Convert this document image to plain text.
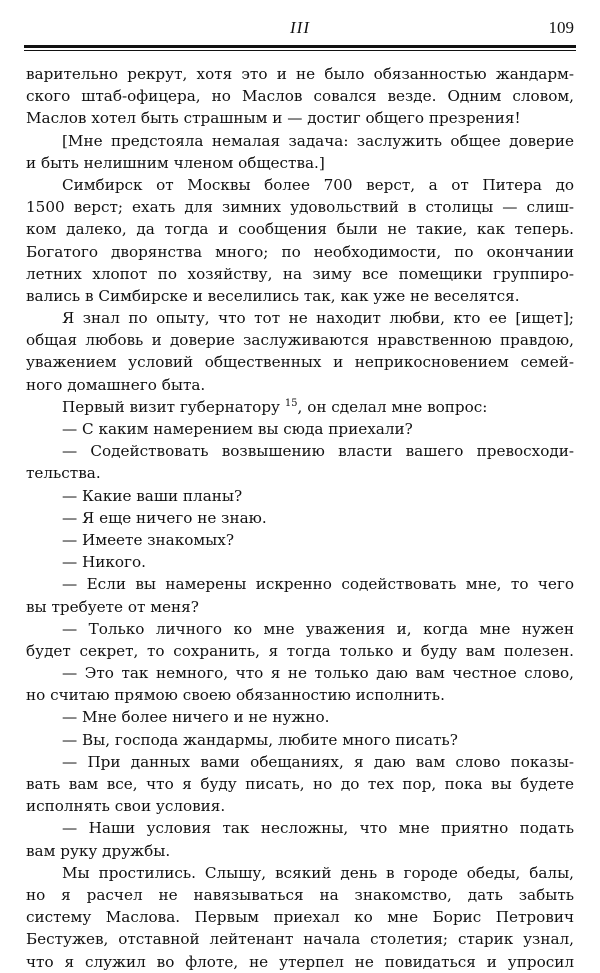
III	109
варительно рекрут, хотя это и не было обязанностью жандарм-
ского штаб-офицера, но Маслов совался везде. Одним словом,
Маслов хотел быть страшным и — достиг общего презрения!
[Мне предстояла немалая задача: заслужить общее доверие
и быть нелишним членом общества.]
Симбирск от Москвы более 700 верст, а от Питера до
1500 верст; ехать для зимних удовольствий в столицы — слиш-
ком далеко, да тогда и сообщения были не такие, как теперь.
Богатого дворянства много; по необходимости, по окончании
летних хлопот по хозяйству, на зиму все помещики группиро-
вались в Симбирске и веселились так, как уже не веселятся.
Я знал по опыту, что тот не находит любви, кто ее [ищет];
общая любовь и доверие заслуживаются нравственною правдою,
уважением условий общественных и неприкосновением семей-
ного домашнего быта.
Первый визит губернатору $^{15}$, он сделал мне вопрос:
— С каким намерением вы сюда приехали?
— Содействовать возвышению власти вашего превосходи-
тельства.
— Какие ваши планы?
— Я еще ничего не знаю.
— Имеете знакомых?
— Никого.
— Если вы намерены искренно содействовать мне, то чего
вы требуете от меня?
— Только личного ко мне уважения и, когда мне нужен
будет секрет, то сохранить, я тогда только и буду вам полезен.
— Это так немного, что я не только даю вам честное слово,
но считаю прямою своею обязанностию исполнить.
— Мне более ничего и не нужно.
— Вы, господа жандармы, любите много писать?
— При данных вами обещаниях, я даю вам слово показы-
вать вам все, что я буду писать, но до тех пор, пока вы будете
исполнять свои условия.
— Наши условия так несложны, что мне приятно подать
вам руку дружбы.
Мы простились. Слышу, всякий день в городе обеды, балы,
но я расчел не навязываться на знакомство, дать забыть
систему Маслова. Первым приехал ко мне Борис Петрович
Бестужев, отставной лейтенант начала столетия; старик узнал,
что я служил во флоте, не утерпел не повидаться и упросил
